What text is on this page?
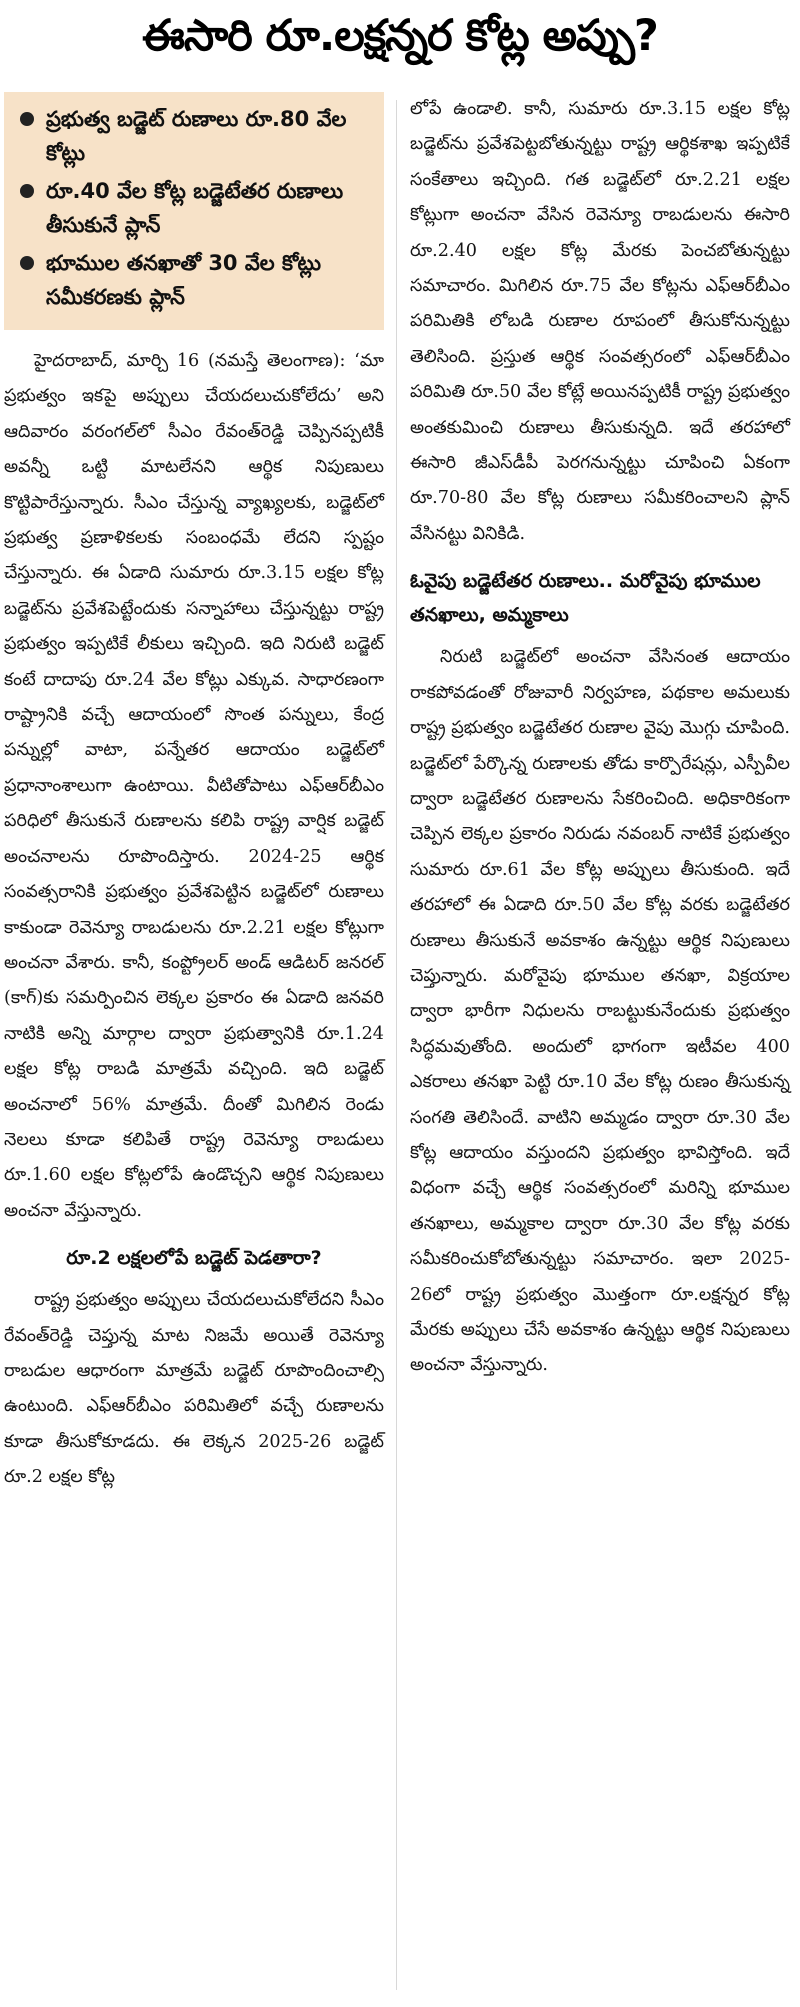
ఈసారి రూ.లక్షన్నర కోట్ల అప్పు?
ప్రభుత్వ బడ్జెట్ రుణాలు రూ.80 వేల కోట్లు
రూ.40 వేల కోట్ల బడ్జెటేతర రుణాలు తీసుకునే ప్లాన్
భూముల తనఖాతో 30 వేల కోట్లు సమీకరణకు ప్లాన్

హైదరాబాద్, మార్చి 16 (నమస్తే తెలంగాణ): ‘మా ప్రభుత్వం ఇకపై అప్పులు చేయదలుచుకోలేదు’ అని ఆదివారం వరంగల్‌లో సీఎం రేవంత్‌రెడ్డి చెప్పినప్పటికీ అవన్నీ ఒట్టి మాటలేనని ఆర్థిక నిపుణులు కొట్టిపారేస్తున్నారు. సీఎం చేస్తున్న వ్యాఖ్యలకు, బడ్జెట్‌లో ప్రభుత్వ ప్రణాళికలకు సంబంధమే లేదని స్పష్టం చేస్తున్నారు. ఈ ఏడాది సుమారు రూ.3.15 లక్షల కోట్ల బడ్జెట్‌ను ప్రవేశపెట్టేందుకు సన్నాహాలు చేస్తున్నట్టు రాష్ట్ర ప్రభుత్వం ఇప్పటికే లీకులు ఇచ్చింది. ఇది నిరుటి బడ్జెట్ కంటే దాదాపు రూ.24 వేల కోట్లు ఎక్కువ. సాధారణంగా రాష్ట్రానికి వచ్చే ఆదాయంలో సొంత పన్నులు, కేంద్ర పన్నుల్లో వాటా, పన్నేతర ఆదాయం బడ్జెట్‌లో ప్రధానాంశాలుగా ఉంటాయి. వీటితోపాటు ఎఫ్‌ఆర్‌బీఎం పరిధిలో తీసుకునే రుణాలను కలిపి రాష్ట్ర వార్షిక బడ్జెట్ అంచనాలను రూపొందిస్తారు. 2024-25 ఆర్థిక సంవత్సరానికి ప్రభుత్వం ప్రవేశపెట్టిన బడ్జెట్‌లో రుణాలు కాకుండా రెవెన్యూ రాబడులను రూ.2.21 లక్షల కోట్లుగా అంచనా వేశారు. కానీ, కంప్ట్రోలర్ అండ్ ఆడిటర్ జనరల్ (కాగ్)కు సమర్పించిన లెక్కల ప్రకారం ఈ ఏడాది జనవరి నాటికి అన్ని మార్గాల ద్వారా ప్రభుత్వానికి రూ.1.24 లక్షల కోట్ల రాబడి మాత్రమే వచ్చింది. ఇది బడ్జెట్ అంచనాలో 56% మాత్రమే. దీంతో మిగిలిన రెండు నెలలు కూడా కలిపితే రాష్ట్ర రెవెన్యూ రాబడులు రూ.1.60 లక్షల కోట్లలోపే ఉండొచ్చని ఆర్థిక నిపుణులు అంచనా వేస్తున్నారు.

రూ.2 లక్షలలోపే బడ్జెట్ పెడతారా?

రాష్ట్ర ప్రభుత్వం అప్పులు చేయదలుచుకోలేదని సీఎం రేవంత్‌రెడ్డి చెప్తున్న మాట నిజమే అయితే రెవెన్యూ రాబడుల ఆధారంగా మాత్రమే బడ్జెట్ రూపొందించాల్సి ఉంటుంది. ఎఫ్‌ఆర్‌బీఎం పరిమితిలో వచ్చే రుణాలను కూడా తీసుకోకూడదు. ఈ లెక్కన 2025-26 బడ్జెట్ రూ.2 లక్షల కోట్ల

లోపే ఉండాలి. కానీ, సుమారు రూ.3.15 లక్షల కోట్ల బడ్జెట్‌ను ప్రవేశపెట్టబోతున్నట్టు రాష్ట్ర ఆర్థికశాఖ ఇప్పటికే సంకేతాలు ఇచ్చింది. గత బడ్జెట్‌లో రూ.2.21 లక్షల కోట్లుగా అంచనా వేసిన రెవెన్యూ రాబడులను ఈసారి రూ.2.40 లక్షల కోట్ల మేరకు పెంచబోతున్నట్టు సమాచారం. మిగిలిన రూ.75 వేల కోట్లను ఎఫ్‌ఆర్‌బీఎం పరిమితికి లోబడి రుణాల రూపంలో తీసుకోనున్నట్టు తెలిసింది. ప్రస్తుత ఆర్థిక సంవత్సరంలో ఎఫ్‌ఆర్‌బీఎం పరిమితి రూ.50 వేల కోట్లే అయినప్పటికీ రాష్ట్ర ప్రభుత్వం అంతకుమించి రుణాలు తీసుకున్నది. ఇదే తరహాలో ఈసారి జీఎస్‌డీపీ పెరగనున్నట్టు చూపించి ఏకంగా రూ.70-80 వేల కోట్ల రుణాలు సమీకరించాలని ప్లాన్ వేసినట్టు వినికిడి.

ఓవైపు బడ్జెటేతర రుణాలు.. మరోవైపు భూముల తనఖాలు, అమ్మకాలు

నిరుటి బడ్జెట్‌లో అంచనా వేసినంత ఆదాయం రాకపోవడంతో రోజువారీ నిర్వహణ, పథకాల అమలుకు రాష్ట్ర ప్రభుత్వం బడ్జెటేతర రుణాల వైపు మొగ్గు చూపింది. బడ్జెట్‌లో పేర్కొన్న రుణాలకు తోడు కార్పొరేషన్లు, ఎస్పీవీల ద్వారా బడ్జెటేతర రుణాలను సేకరించింది. అధికారికంగా చెప్పిన లెక్కల ప్రకారం నిరుడు నవంబర్ నాటికే ప్రభుత్వం సుమారు రూ.61 వేల కోట్ల అప్పులు తీసుకుంది. ఇదే తరహాలో ఈ ఏడాది రూ.50 వేల కోట్ల వరకు బడ్జెటేతర రుణాలు తీసుకునే అవకాశం ఉన్నట్టు ఆర్థిక నిపుణులు చెప్తున్నారు. మరోవైపు భూముల తనఖా, విక్రయాల ద్వారా భారీగా నిధులను రాబట్టుకునేందుకు ప్రభుత్వం సిద్ధమవుతోంది. అందులో భాగంగా ఇటీవల 400 ఎకరాలు తనఖా పెట్టి రూ.10 వేల కోట్ల రుణం తీసుకున్న సంగతి తెలిసిందే. వాటిని అమ్మడం ద్వారా రూ.30 వేల కోట్ల ఆదాయం వస్తుందని ప్రభుత్వం భావిస్తోంది. ఇదే విధంగా వచ్చే ఆర్థిక సంవత్సరంలో మరిన్ని భూముల తనఖాలు, అమ్మకాల ద్వారా రూ.30 వేల కోట్ల వరకు సమీకరించుకోబోతున్నట్టు సమాచారం. ఇలా 2025-26లో రాష్ట్ర ప్రభుత్వం మొత్తంగా రూ.లక్షన్నర కోట్ల మేరకు అప్పులు చేసే అవకాశం ఉన్నట్టు ఆర్థిక నిపుణులు అంచనా వేస్తున్నారు.
